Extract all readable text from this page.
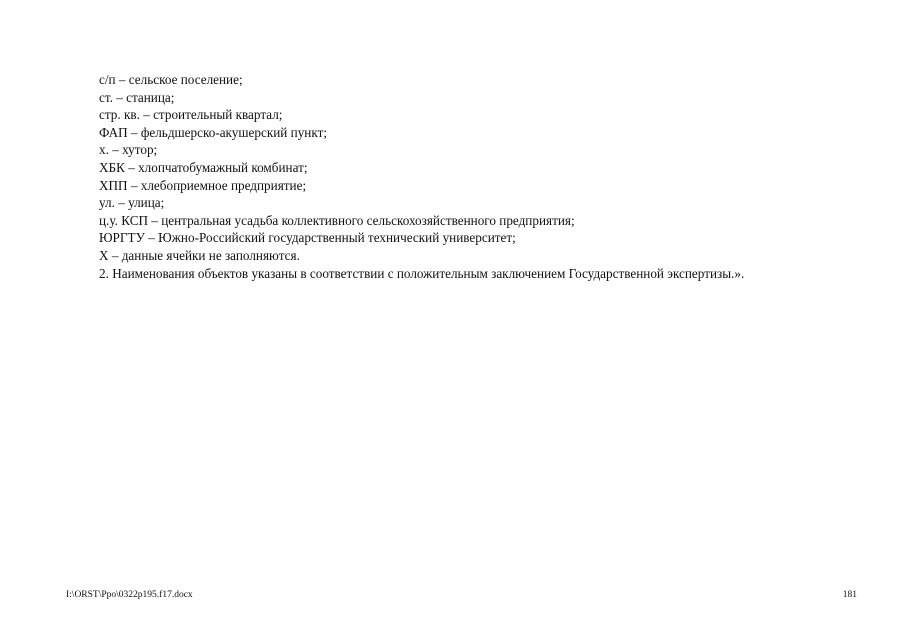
с/п – сельское поселение;
ст. – станица;
стр. кв. – строительный квартал;
ФАП – фельдшерско-акушерский пункт;
х. – хутор;
ХБК – хлопчатобумажный комбинат;
ХПП – хлебоприемное предприятие;
ул. – улица;
ц.у. КСП – центральная усадьба коллективного сельскохозяйственного предприятия;
ЮРГТУ – Южно-Российский государственный технический университет;
Х – данные ячейки не заполняются.
2. Наименования объектов указаны в соответствии с положительным заключением Государственной экспертизы.».
I:\ORST\Ppo\0322p195.f17.docx	181
